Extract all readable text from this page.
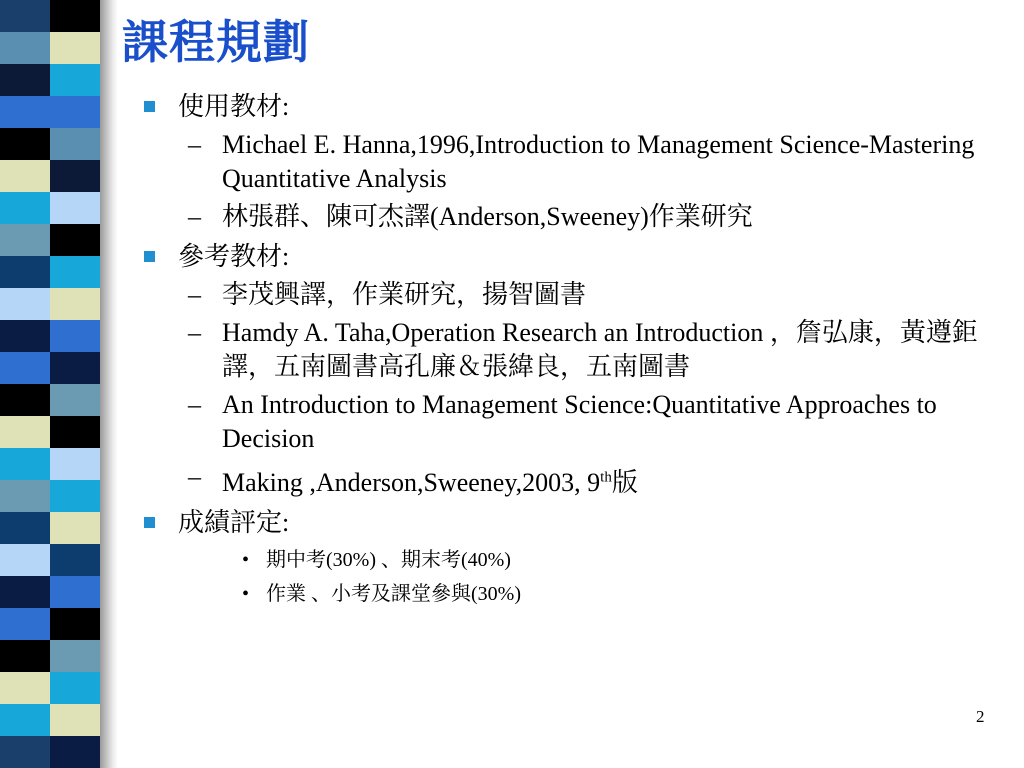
課程規劃
使用教材:
– Michael E. Hanna,1996,Introduction to Management Science-Mastering Quantitative Analysis
– 林張群、陳可杰譯(Anderson,Sweeney)作業研究
參考教材:
– 李茂興譯，作業研究，揚智圖書
– Hamdy A. Taha,Operation Research an Introduction ，詹弘康，黃遵鉅譯，五南圖書高孔廉＆張緯良，五南圖書
– An Introduction to Management Science:Quantitative Approaches to Decision
– Making ,Anderson,Sweeney,2003, 9th版
成績評定:
• 期中考(30%) 、期末考(40%)
• 作業 、小考及課堂參與(30%)
2
